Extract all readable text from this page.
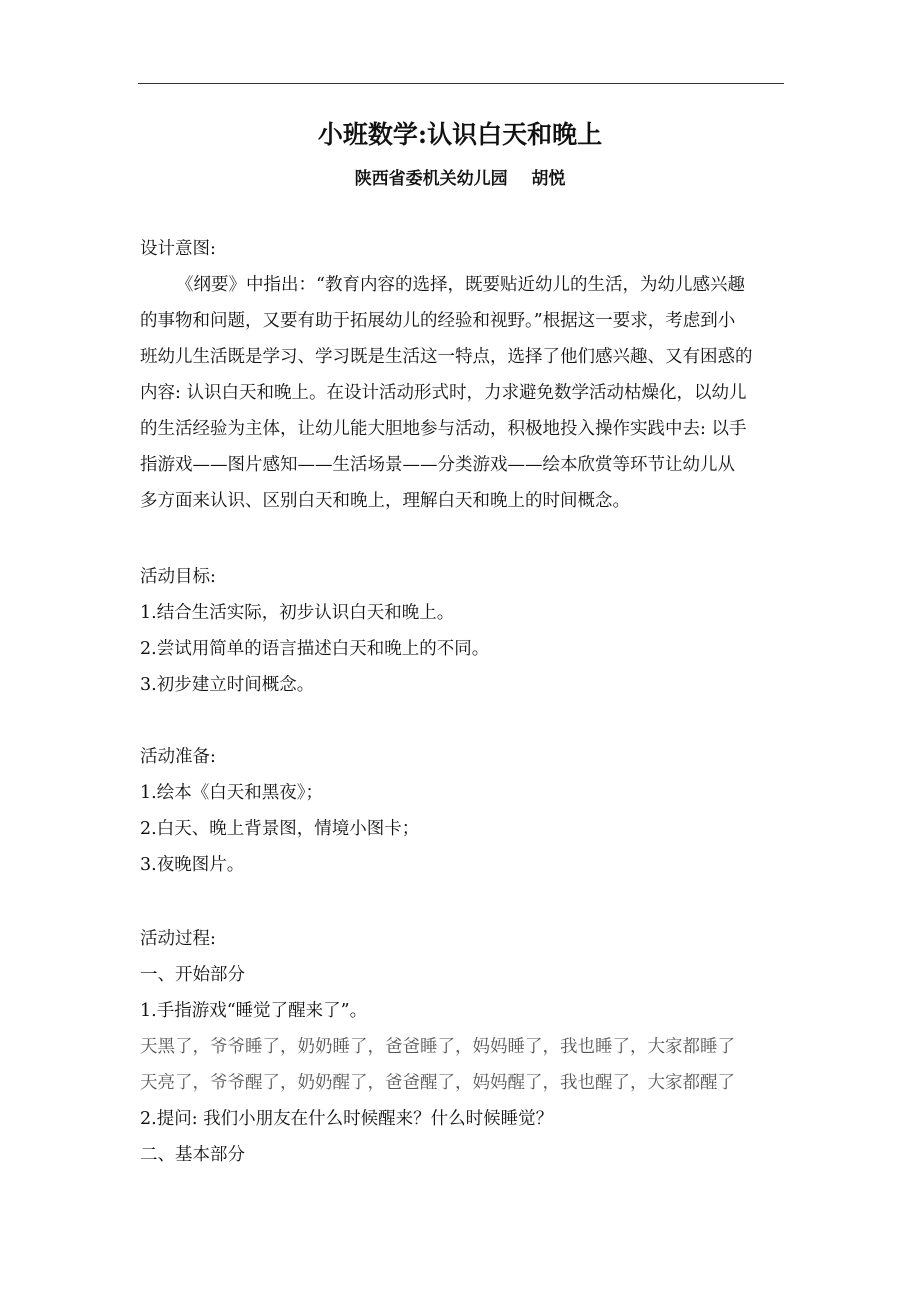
小班数学:认识白天和晚上
陕西省委机关幼儿园    胡悦
设计意图:
《纲要》中指出：“教育内容的选择，既要贴近幼儿的生活，为幼儿感兴趣
的事物和问题，又要有助于拓展幼儿的经验和视野。”根据这一要求，考虑到小
班幼儿生活既是学习、学习既是生活这一特点，选择了他们感兴趣、又有困惑的
内容: 认识白天和晚上。在设计活动形式时，力求避免数学活动枯燥化，以幼儿
的生活经验为主体，让幼儿能大胆地参与活动，积极地投入操作实践中去: 以手
指游戏——图片感知——生活场景——分类游戏——绘本欣赏等环节让幼儿从
多方面来认识、区别白天和晚上，理解白天和晚上的时间概念。
活动目标:
1.结合生活实际，初步认识白天和晚上。
2.尝试用简单的语言描述白天和晚上的不同。
3.初步建立时间概念。
活动准备:
1.绘本《白天和黑夜》；
2.白天、晚上背景图，情境小图卡；
3.夜晚图片。
活动过程:
一、开始部分
1.手指游戏“睡觉了醒来了”。
天黑了，爷爷睡了，奶奶睡了，爸爸睡了，妈妈睡了，我也睡了，大家都睡了
天亮了，爷爷醒了，奶奶醒了，爸爸醒了，妈妈醒了，我也醒了，大家都醒了
2.提问: 我们小朋友在什么时候醒来？什么时候睡觉？
二、基本部分
